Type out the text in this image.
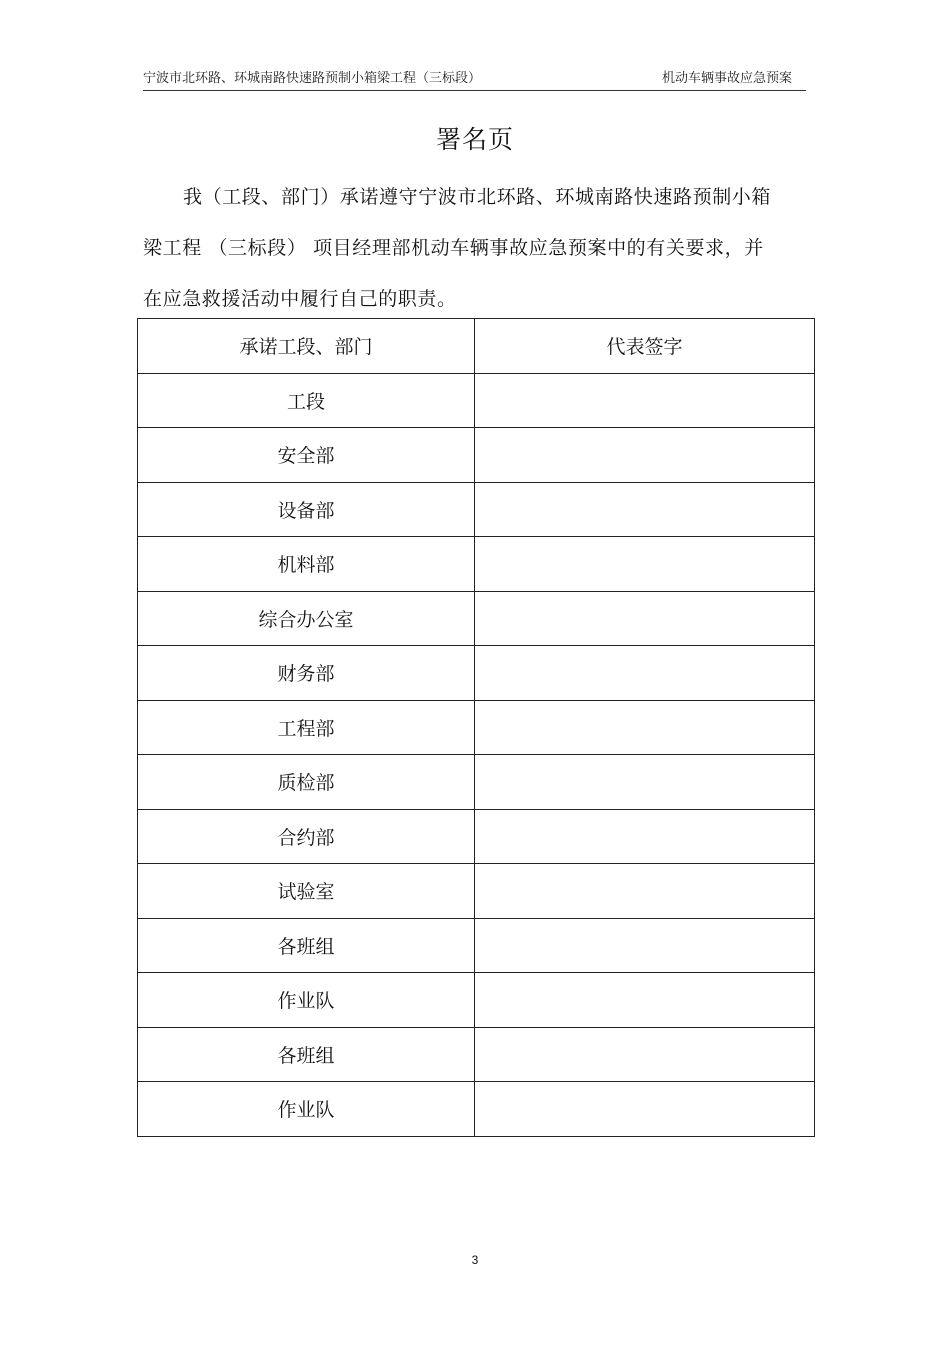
宁波市北环路、环城南路快速路预制小箱梁工程（三标段）	机动车辆事故应急预案
署名页
我（工段、部门）承诺遵守宁波市北环路、环城南路快速路预制小箱梁工程 （三标段） 项目经理部机动车辆事故应急预案中的有关要求，并在应急救援活动中履行自己的职责。
承诺工段、部门	代表签字
工段	
安全部	
设备部	
机料部	
综合办公室	
财务部	
工程部	
质检部	
合约部	
试验室	
各班组	
作业队	
各班组	
作业队	
3
